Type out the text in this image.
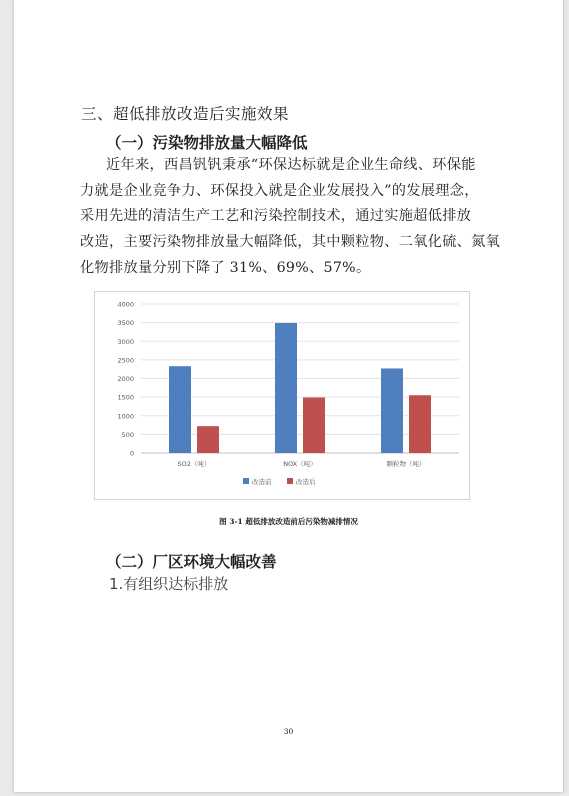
三、超低排放改造后实施效果
（一）污染物排放量大幅降低
近年来，西昌钒钒秉承“环保达标就是企业生命线、环保能
力就是企业竞争力、环保投入就是企业发展投入”的发展理念，
采用先进的清洁生产工艺和污染控制技术，通过实施超低排放
改造，主要污染物排放量大幅降低，其中颗粒物、二氧化硫、氮氧
化物排放量分别下降了 31%、69%、57%。
4000
3500
3000
2500
2000
1500
1000
500
0
SO2（吨）	NOX（吨）	颗粒物（吨）
改造前	改造后
图 3-1 超低排放改造前后污染物减排情况
（二）厂区环境大幅改善
1.有组织达标排放
30
